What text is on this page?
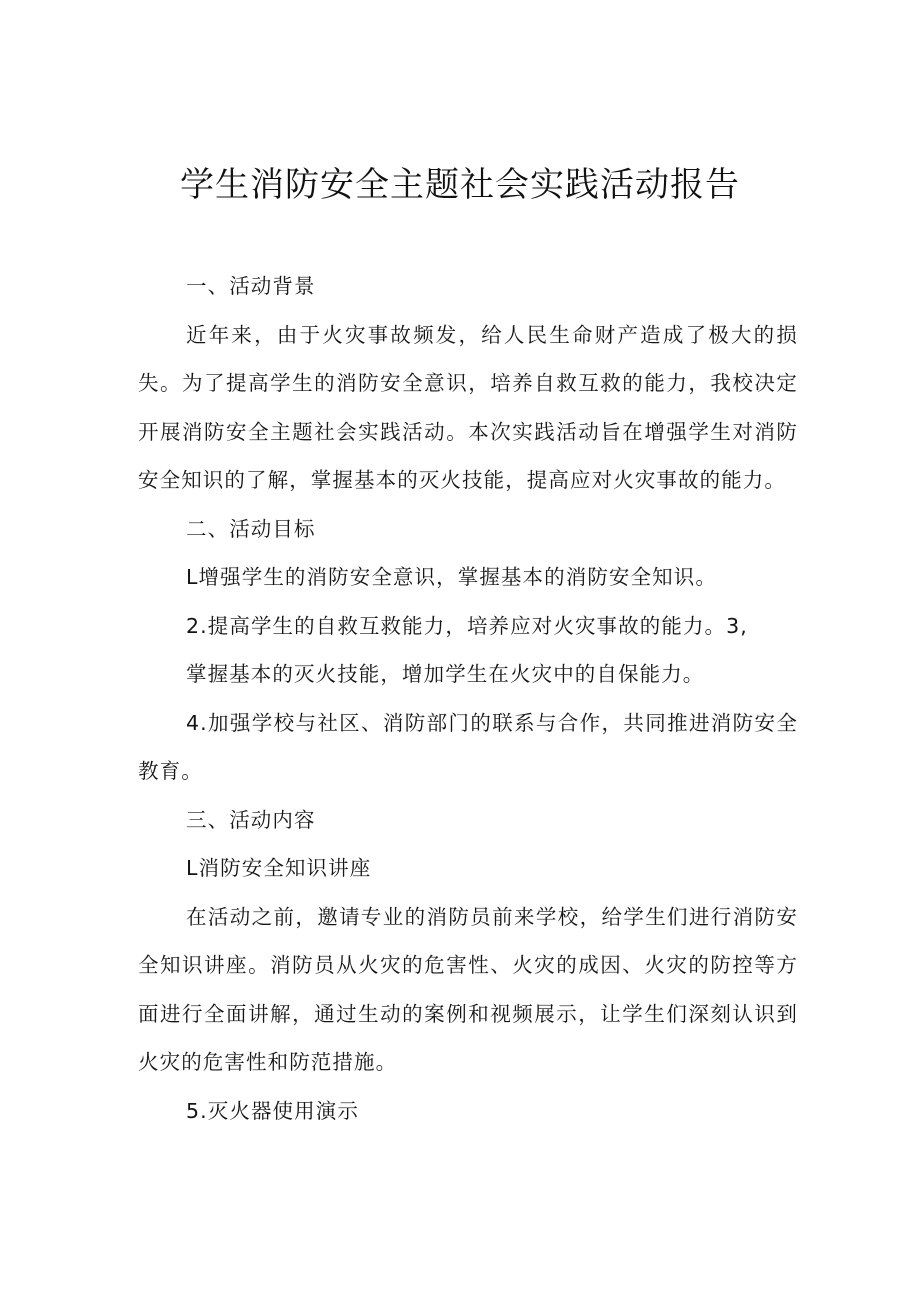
学生消防安全主题社会实践活动报告

一、活动背景

近年来，由于火灾事故频发，给人民生命财产造成了极大的损失。为了提高学生的消防安全意识，培养自救互救的能力，我校决定开展消防安全主题社会实践活动。本次实践活动旨在增强学生对消防安全知识的了解，掌握基本的灭火技能，提高应对火灾事故的能力。

二、活动目标

L增强学生的消防安全意识，掌握基本的消防安全知识。

2.提高学生的自救互救能力，培养应对火灾事故的能力。3,

掌握基本的灭火技能，增加学生在火灾中的自保能力。

4.加强学校与社区、消防部门的联系与合作，共同推进消防安全教育。

三、活动内容

L消防安全知识讲座

在活动之前，邀请专业的消防员前来学校，给学生们进行消防安全知识讲座。消防员从火灾的危害性、火灾的成因、火灾的防控等方面进行全面讲解，通过生动的案例和视频展示，让学生们深刻认识到火灾的危害性和防范措施。

5.灭火器使用演示
